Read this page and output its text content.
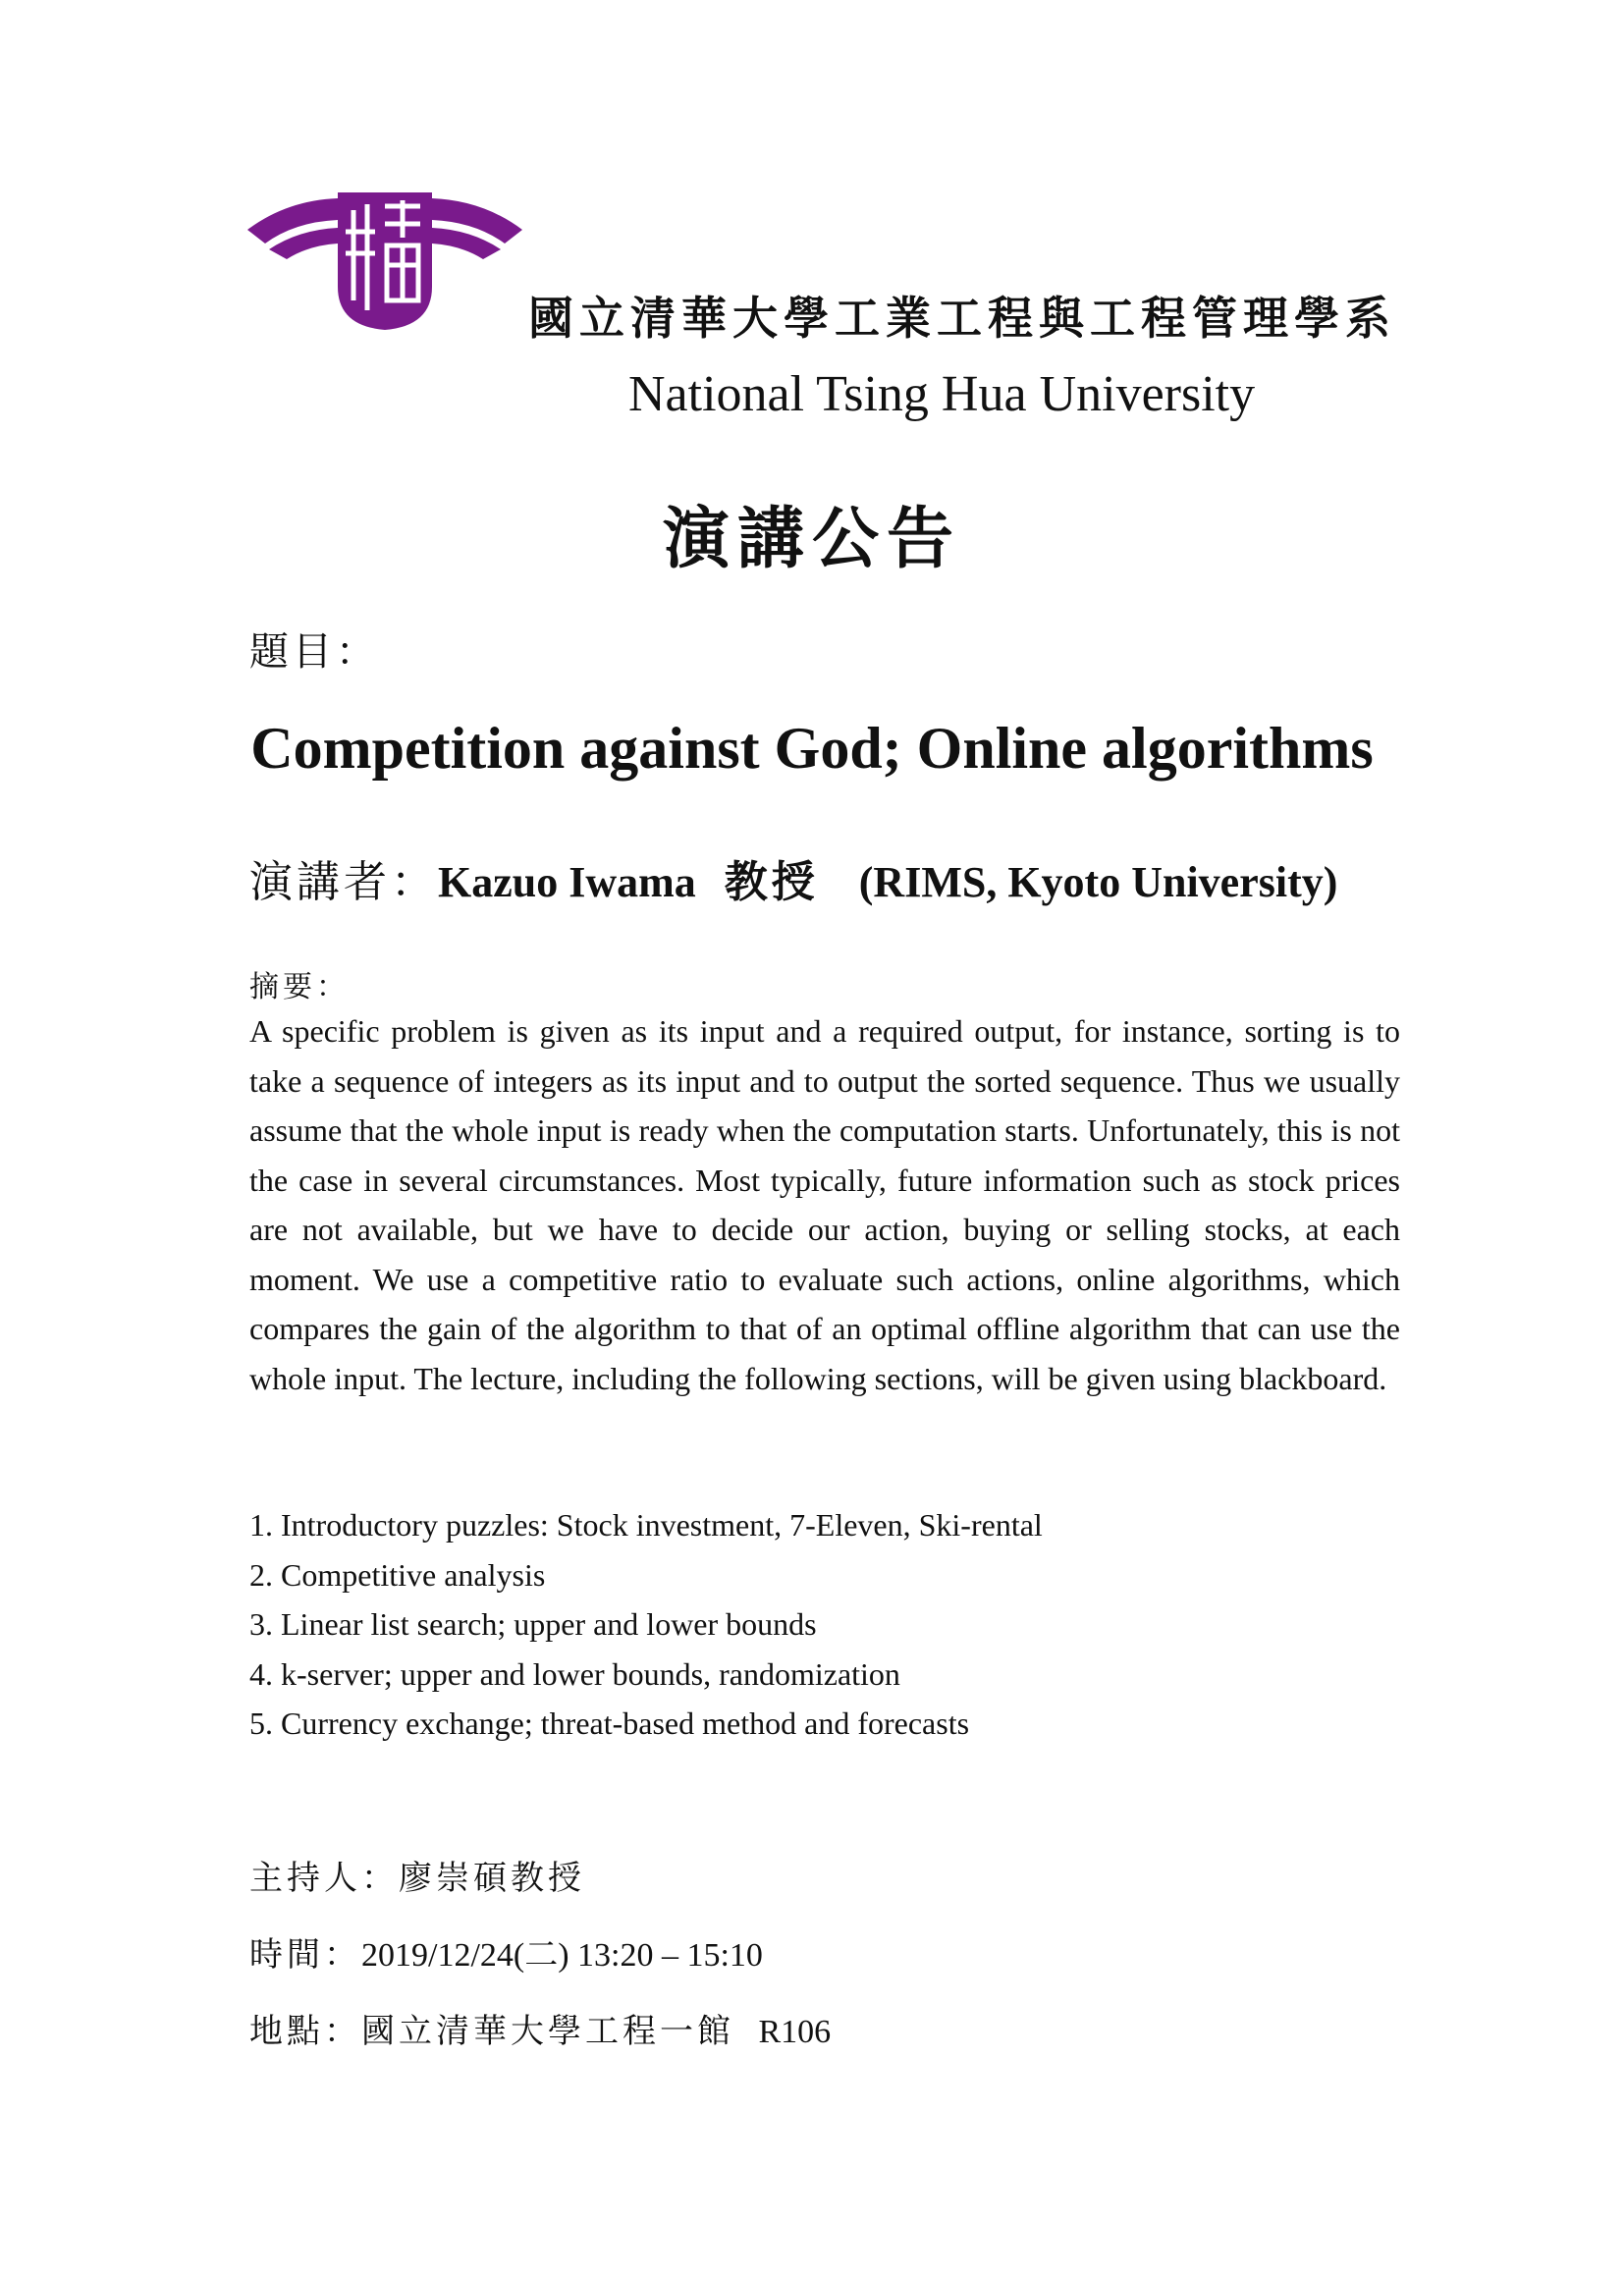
國立清華大學工業工程與工程管理學系
National Tsing Hua University
演講公告
題目：
Competition against God; Online algorithms
演講者：Kazuo Iwama 教授 (RIMS, Kyoto University)
摘要：
A specific problem is given as its input and a required output, for instance, sorting is to take a sequence of integers as its input and to output the sorted sequence. Thus we usually assume that the whole input is ready when the computation starts. Unfortunately, this is not the case in several circumstances. Most typically, future information such as stock prices are not available, but we have to decide our action, buying or selling stocks, at each moment. We use a competitive ratio to evaluate such actions, online algorithms, which compares the gain of the algorithm to that of an optimal offline algorithm that can use the whole input. The lecture, including the following sections, will be given using blackboard.
1. Introductory puzzles: Stock investment, 7-Eleven, Ski-rental
2. Competitive analysis
3. Linear list search; upper and lower bounds
4. k-server; upper and lower bounds, randomization
5. Currency exchange; threat-based method and forecasts
主持人：廖崇碩教授
時間：2019/12/24(二) 13:20 – 15:10
地點：國立清華大學工程一館 R106
